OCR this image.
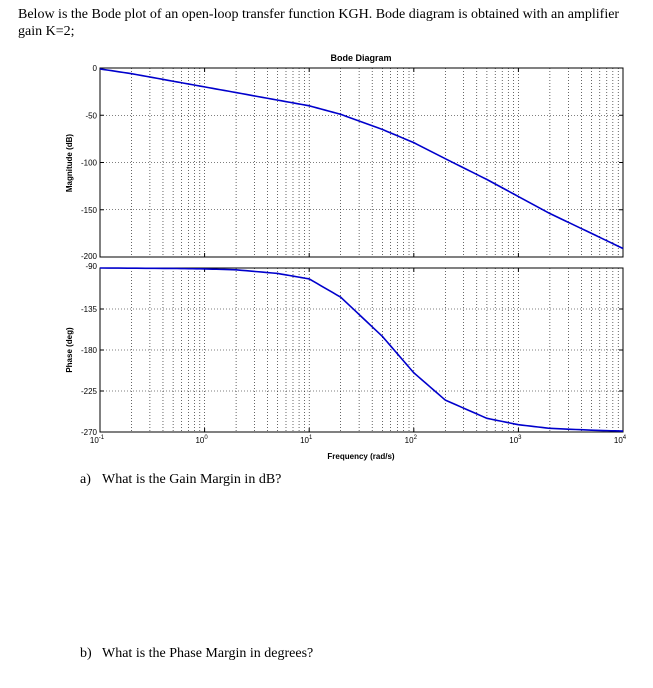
Below is the Bode plot of an open-loop transfer function KGH. Bode diagram is obtained with an amplifier gain K=2;
Bode Diagram
0
-50
-100
-150
-200
-90
-135
-180
-225
-270
$10^{-1}$	$10^0$	$10^1$	$10^2$	$10^3$	$10^4$
Magnitude (dB)
Phase (deg)
Frequency (rad/s)
a) What is the Gain Margin in dB?
b) What is the Phase Margin in degrees?
